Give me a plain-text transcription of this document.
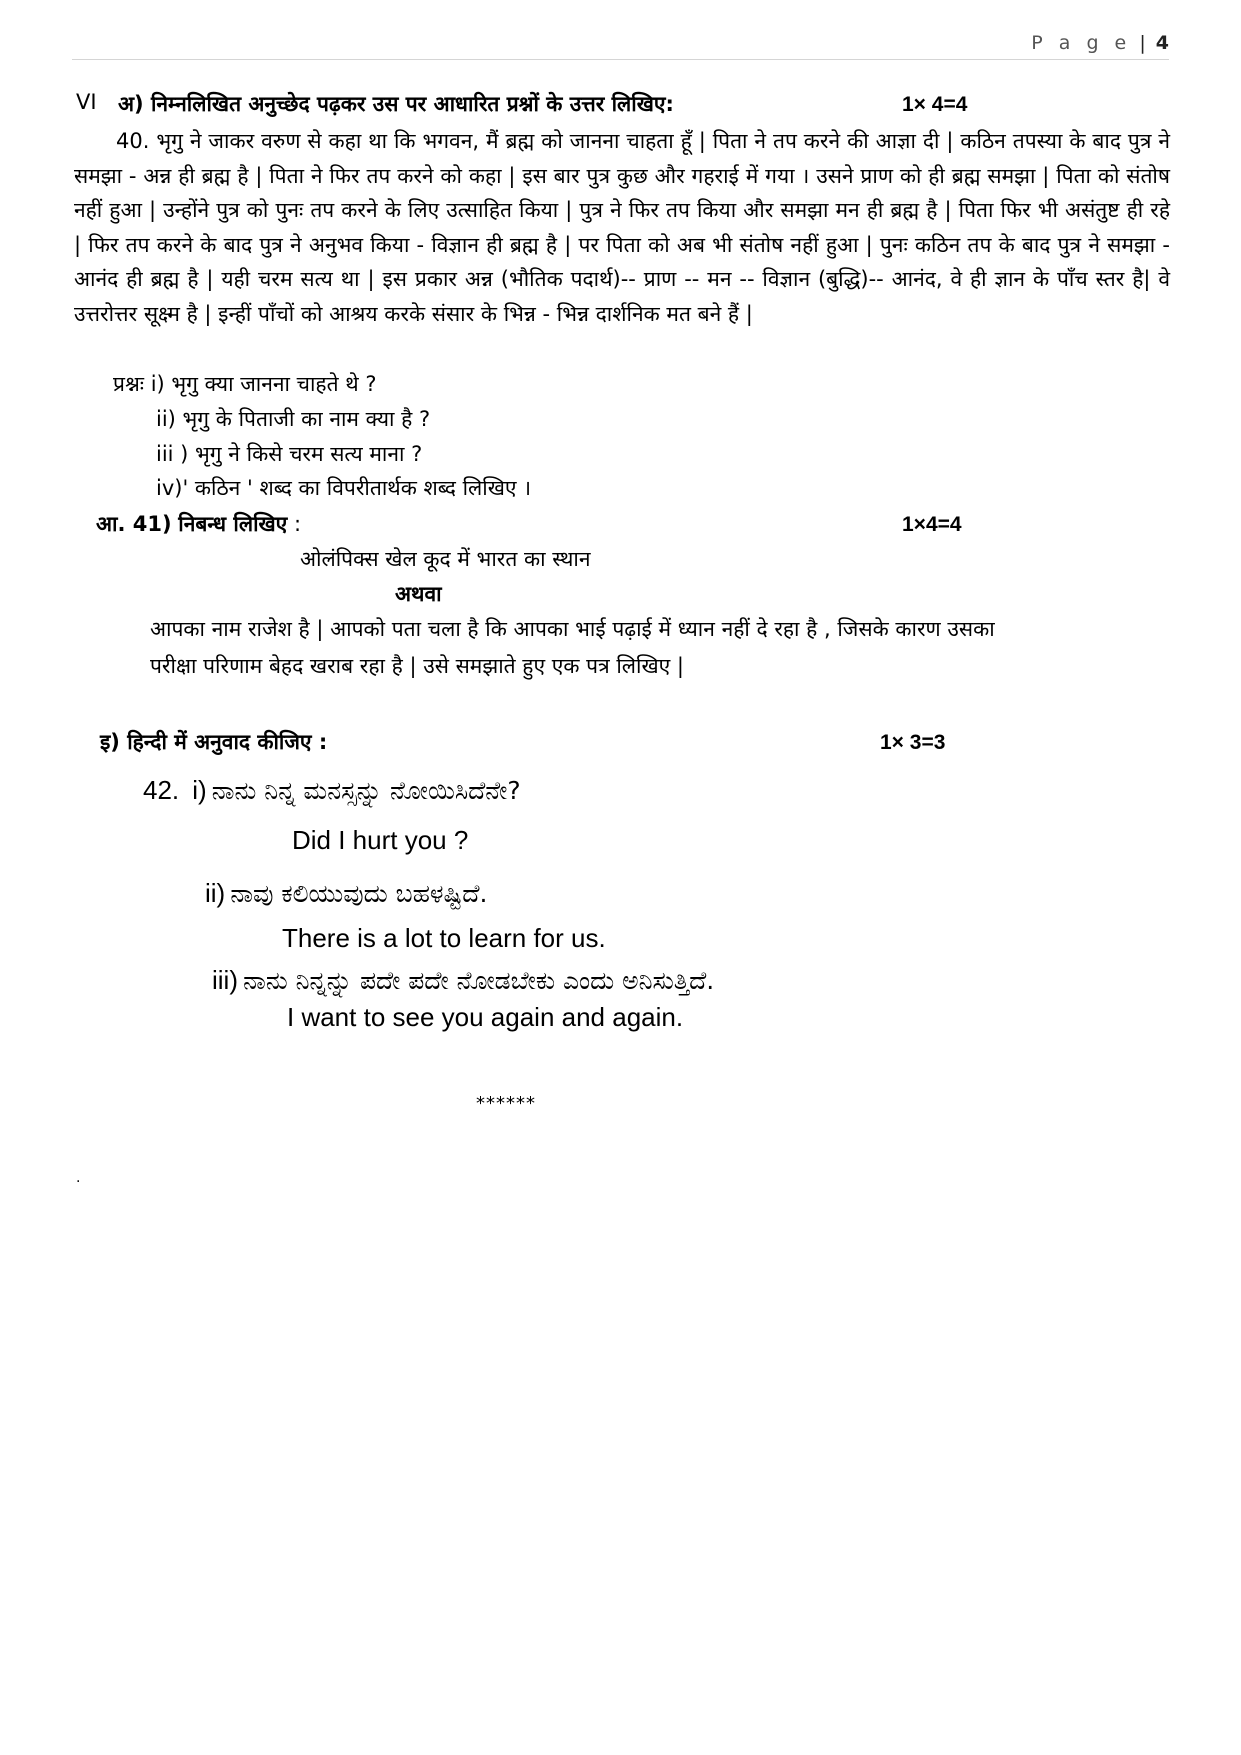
P a g e | 4
VI अ) निम्नलिखित अनुच्छेद पढ़कर उस पर आधारित प्रश्नों के उत्तर लिखिए:	1× 4=4
40. भृगु ने जाकर वरुण से कहा था कि भगवन, मैं ब्रह्म को जानना चाहता हूँ | पिता ने तप करने की आज्ञा दी | कठिन तपस्या के बाद पुत्र ने समझा - अन्न ही ब्रह्म है | पिता ने फिर तप करने को कहा | इस बार पुत्र कुछ और गहराई में गया । उसने प्राण को ही ब्रह्म समझा | पिता को संतोष नहीं हुआ | उन्होंने पुत्र को पुनः तप करने के लिए उत्साहित किया | पुत्र ने फिर तप किया और समझा मन ही ब्रह्म है | पिता फिर भी असंतुष्ट ही रहे | फिर तप करने के बाद पुत्र ने अनुभव किया - विज्ञान ही ब्रह्म है | पर पिता को अब भी संतोष नहीं हुआ | पुनः कठिन तप के बाद पुत्र ने समझा - आनंद ही ब्रह्म है | यही चरम सत्य था | इस प्रकार अन्न (भौतिक पदार्थ)-- प्राण -- मन -- विज्ञान (बुद्धि)-- आनंद, वे ही ज्ञान के पाँच स्तर है| वे उत्तरोत्तर सूक्ष्म है | इन्हीं पाँचों को आश्रय करके संसार के भिन्न - भिन्न दार्शनिक मत बने हैं |
प्रश्नः i) भृगु क्या जानना चाहते थे ?
ii) भृगु के पिताजी का नाम क्या है ?
iii ) भृगु ने किसे चरम सत्य माना ?
iv)' कठिन ' शब्द का विपरीतार्थक शब्द लिखिए ।
आ. 41) निबन्ध लिखिए :	1×4=4
ओलंपिक्स खेल कूद में भारत का स्थान
अथवा
आपका नाम राजेश है | आपको पता चला है कि आपका भाई पढ़ाई में ध्यान नहीं दे रहा है , जिसके कारण उसका
परीक्षा परिणाम बेहद खराब रहा है | उसे समझाते हुए एक पत्र लिखिए |
इ) हिन्दी में अनुवाद कीजिए :	1× 3=3
42. i) ನಾನು ನಿನ್ನ ಮನಸ್ಸನ್ನು ನೋಯಿಸಿದೆನೇ?
Did I hurt you ?
ii) ನಾವು ಕಲಿಯುವುದು ಬಹಳಷ್ಟಿದೆ.
There is a lot to learn for us.
iii) ನಾನು ನಿನ್ನನ್ನು ಪದೇ ಪದೇ ನೋಡಬೇಕು ಎಂದು ಅನಿಸುತ್ತಿದೆ.
I want to see you again and again.
******
.
